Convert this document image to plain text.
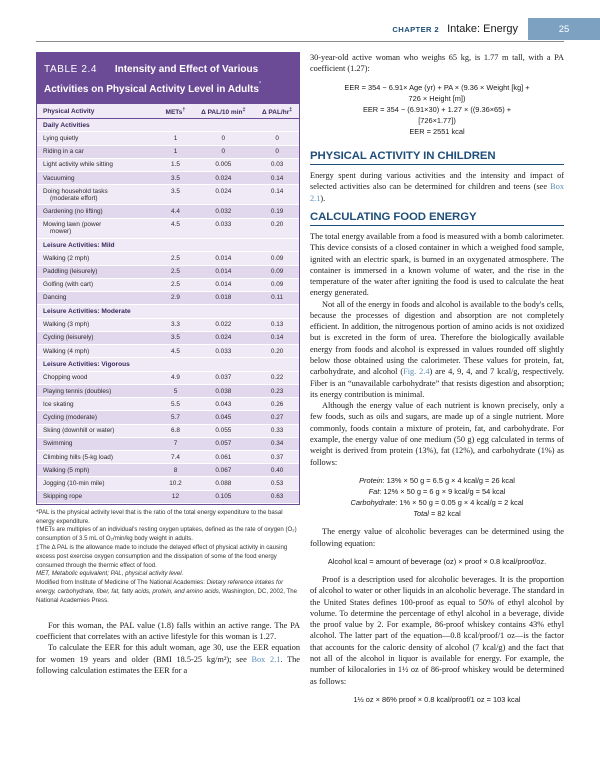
CHAPTER 2 Intake: Energy	25
TABLE 2.4 Intensity and Effect of Various Activities on Physical Activity Level in Adults*
Physical Activity	METs†	Δ PAL/10 min‡	Δ PAL/hr‡
Daily Activities			
Lying quietly	1	0	0
Riding in a car	1	0	0
Light activity while sitting	1.5	0.005	0.03
Vacuuming	3.5	0.024	0.14
Doing household tasks
(moderate effort)	3.5	0.024	0.14
Gardening (no lifting)	4.4	0.032	0.19
Mowing lawn (power
mower)	4.5	0.033	0.20
Leisure Activities: Mild			
Walking (2 mph)	2.5	0.014	0.09
Paddling (leisurely)	2.5	0.014	0.09
Golfing (with cart)	2.5	0.014	0.09
Dancing	2.9	0.018	0.11
Leisure Activities: Moderate			
Walking (3 mph)	3.3	0.022	0.13
Cycling (leisurely)	3.5	0.024	0.14
Walking (4 mph)	4.5	0.033	0.20
Leisure Activities: Vigorous			
Chopping wood	4.9	0.037	0.22
Playing tennis (doubles)	5	0.038	0.23
Ice skating	5.5	0.043	0.26
Cycling (moderate)	5.7	0.045	0.27
Skiing (downhill or water)	6.8	0.055	0.33
Swimming	7	0.057	0.34
Climbing hills (5-kg load)	7.4	0.061	0.37
Walking (5 mph)	8	0.067	0.40
Jogging (10-min mile)	10.2	0.088	0.53
Skipping rope	12	0.105	0.63

*PAL is the physical activity level that is the ratio of the total energy expenditure to the basal energy expenditure.

†METs are multiples of an individual's resting oxygen uptakes, defined as the rate of oxygen (O₂) consumption of 3.5 mL of O₂/min/kg body weight in adults.

‡The Δ PAL is the allowance made to include the delayed effect of physical activity in causing excess post exercise oxygen consumption and the dissipation of some of the food energy consumed through the thermic effect of food.

MET, Metabolic equivalent; PAL, physical activity level.

Modified from Institute of Medicine of The National Academies: Dietary reference intakes for energy, carbohydrate, fiber, fat, fatty acids, protein, and amino acids, Washington, DC, 2002, The National Academies Press.

For this woman, the PAL value (1.8) falls within an active range. The PA coefficient that correlates with an active lifestyle for this woman is 1.27.

To calculate the EER for this adult woman, age 30, use the EER equation for women 19 years and older (BMI 18.5-25 kg/m²); see Box 2.1. The following calculation estimates the EER for a

30-year-old active woman who weighs 65 kg, is 1.77 m tall, with a PA coefficient (1.27):

EER = 354 − 6.91× Age (yr) + PA × (9.36 × Weight [kg] +
726 × Height [m])
EER = 354 − (6.91×30) + 1.27 × ((9.36×65) +
[726×1.77])
EER = 2551 kcal
PHYSICAL ACTIVITY IN CHILDREN

Energy spent during various activities and the intensity and impact of selected activities also can be determined for children and teens (see Box 2.1).

CALCULATING FOOD ENERGY

The total energy available from a food is measured with a bomb calorimeter. This device consists of a closed container in which a weighed food sample, ignited with an electric spark, is burned in an oxygenated atmosphere. The container is immersed in a known volume of water, and the rise in the temperature of the water after igniting the food is used to calculate the heat energy generated.

Not all of the energy in foods and alcohol is available to the body's cells, because the processes of digestion and absorption are not completely efficient. In addition, the nitrogenous portion of amino acids is not oxidized but is excreted in the form of urea. Therefore the biologically available energy from foods and alcohol is expressed in values rounded off slightly below those obtained using the calorimeter. These values for protein, fat, carbohydrate, and alcohol (Fig. 2.4) are 4, 9, 4, and 7 kcal/g, respectively. Fiber is an “unavailable carbohydrate” that resists digestion and absorption; its energy contribution is minimal.

Although the energy value of each nutrient is known precisely, only a few foods, such as oils and sugars, are made up of a single nutrient. More commonly, foods contain a mixture of protein, fat, and carbohydrate. For example, the energy value of one medium (50 g) egg calculated in terms of weight is derived from protein (13%), fat (12%), and carbohydrate (1%) as follows:

Protein: 13% × 50 g = 6.5 g × 4 kcal/g = 26 kcal
Fat: 12% × 50 g = 6 g × 9 kcal/g = 54 kcal
Carbohydrate: 1% × 50 g = 0.05 g × 4 kcal/g = 2 kcal
Total = 82 kcal

The energy value of alcoholic beverages can be determined using the following equation:

Alcohol kcal = amount of beverage (oz) × proof × 0.8 kcal/proof/oz.

Proof is a description used for alcoholic beverages. It is the proportion of alcohol to water or other liquids in an alcoholic beverage. The standard in the United States defines 100-proof as equal to 50% of ethyl alcohol by volume. To determine the percentage of ethyl alcohol in a beverage, divide the proof value by 2. For example, 86-proof whiskey contains 43% ethyl alcohol. The latter part of the equation—0.8 kcal/proof/1 oz—is the factor that accounts for the caloric density of alcohol (7 kcal/g) and the fact that not all of the alcohol in liquor is available for energy. For example, the number of kilocalories in 1½ oz of 86-proof whiskey would be determined as follows:

1½ oz × 86% proof × 0.8 kcal/proof/1 oz = 103 kcal
